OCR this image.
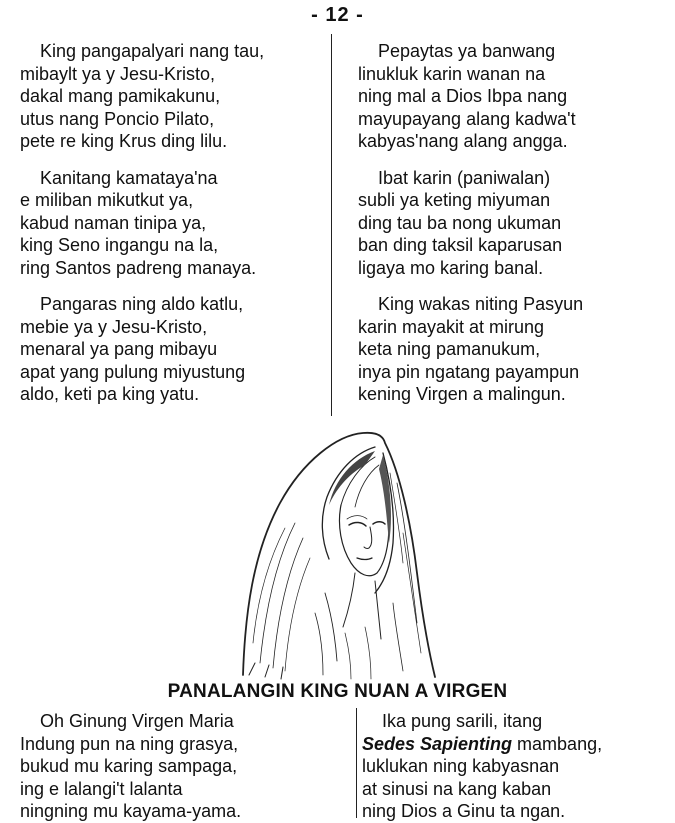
- 12 -
King pangapalyari nang tau,
mibaylt ya y Jesu-Kristo,
dakal mang pamikakunu,
utus nang Poncio Pilato,
pete re king Krus ding lilu.
Kanitang kamataya'na
e miliban mikutkut ya,
kabud naman tinipa ya,
king Seno ingangu na la,
ring Santos padreng manaya.
Pangaras ning aldo katlu,
mebie ya y Jesu-Kristo,
menaral ya pang mibayu
apat yang pulung miyustung
aldo, keti pa king yatu.
Pepaytas ya banwang
linukluk karin wanan na
ning mal a Dios Ibpa nang
mayupayang alang kadwa't
kabyas'nang alang angga.
Ibat karin (paniwalan)
subli ya keting miyuman
ding tau ba nong ukuman
ban ding taksil kaparusan
ligaya mo karing banal.
King wakas niting Pasyun
karin mayakit at mirung
keta ning pamanukum,
inya pin ngatang payampun
kening Virgen a malingun.
PANALANGIN KING NUAN A VIRGEN
Oh Ginung Virgen Maria
Indung pun na ning grasya,
bukud mu karing sampaga,
ing e lalangi't lalanta
ningning mu kayama-yama.
Ika pung sarili, itang
Sedes Sapienting mambang,
luklukan ning kabyasnan
at sinusi na kang kaban
ning Dios a Ginu ta ngan.
